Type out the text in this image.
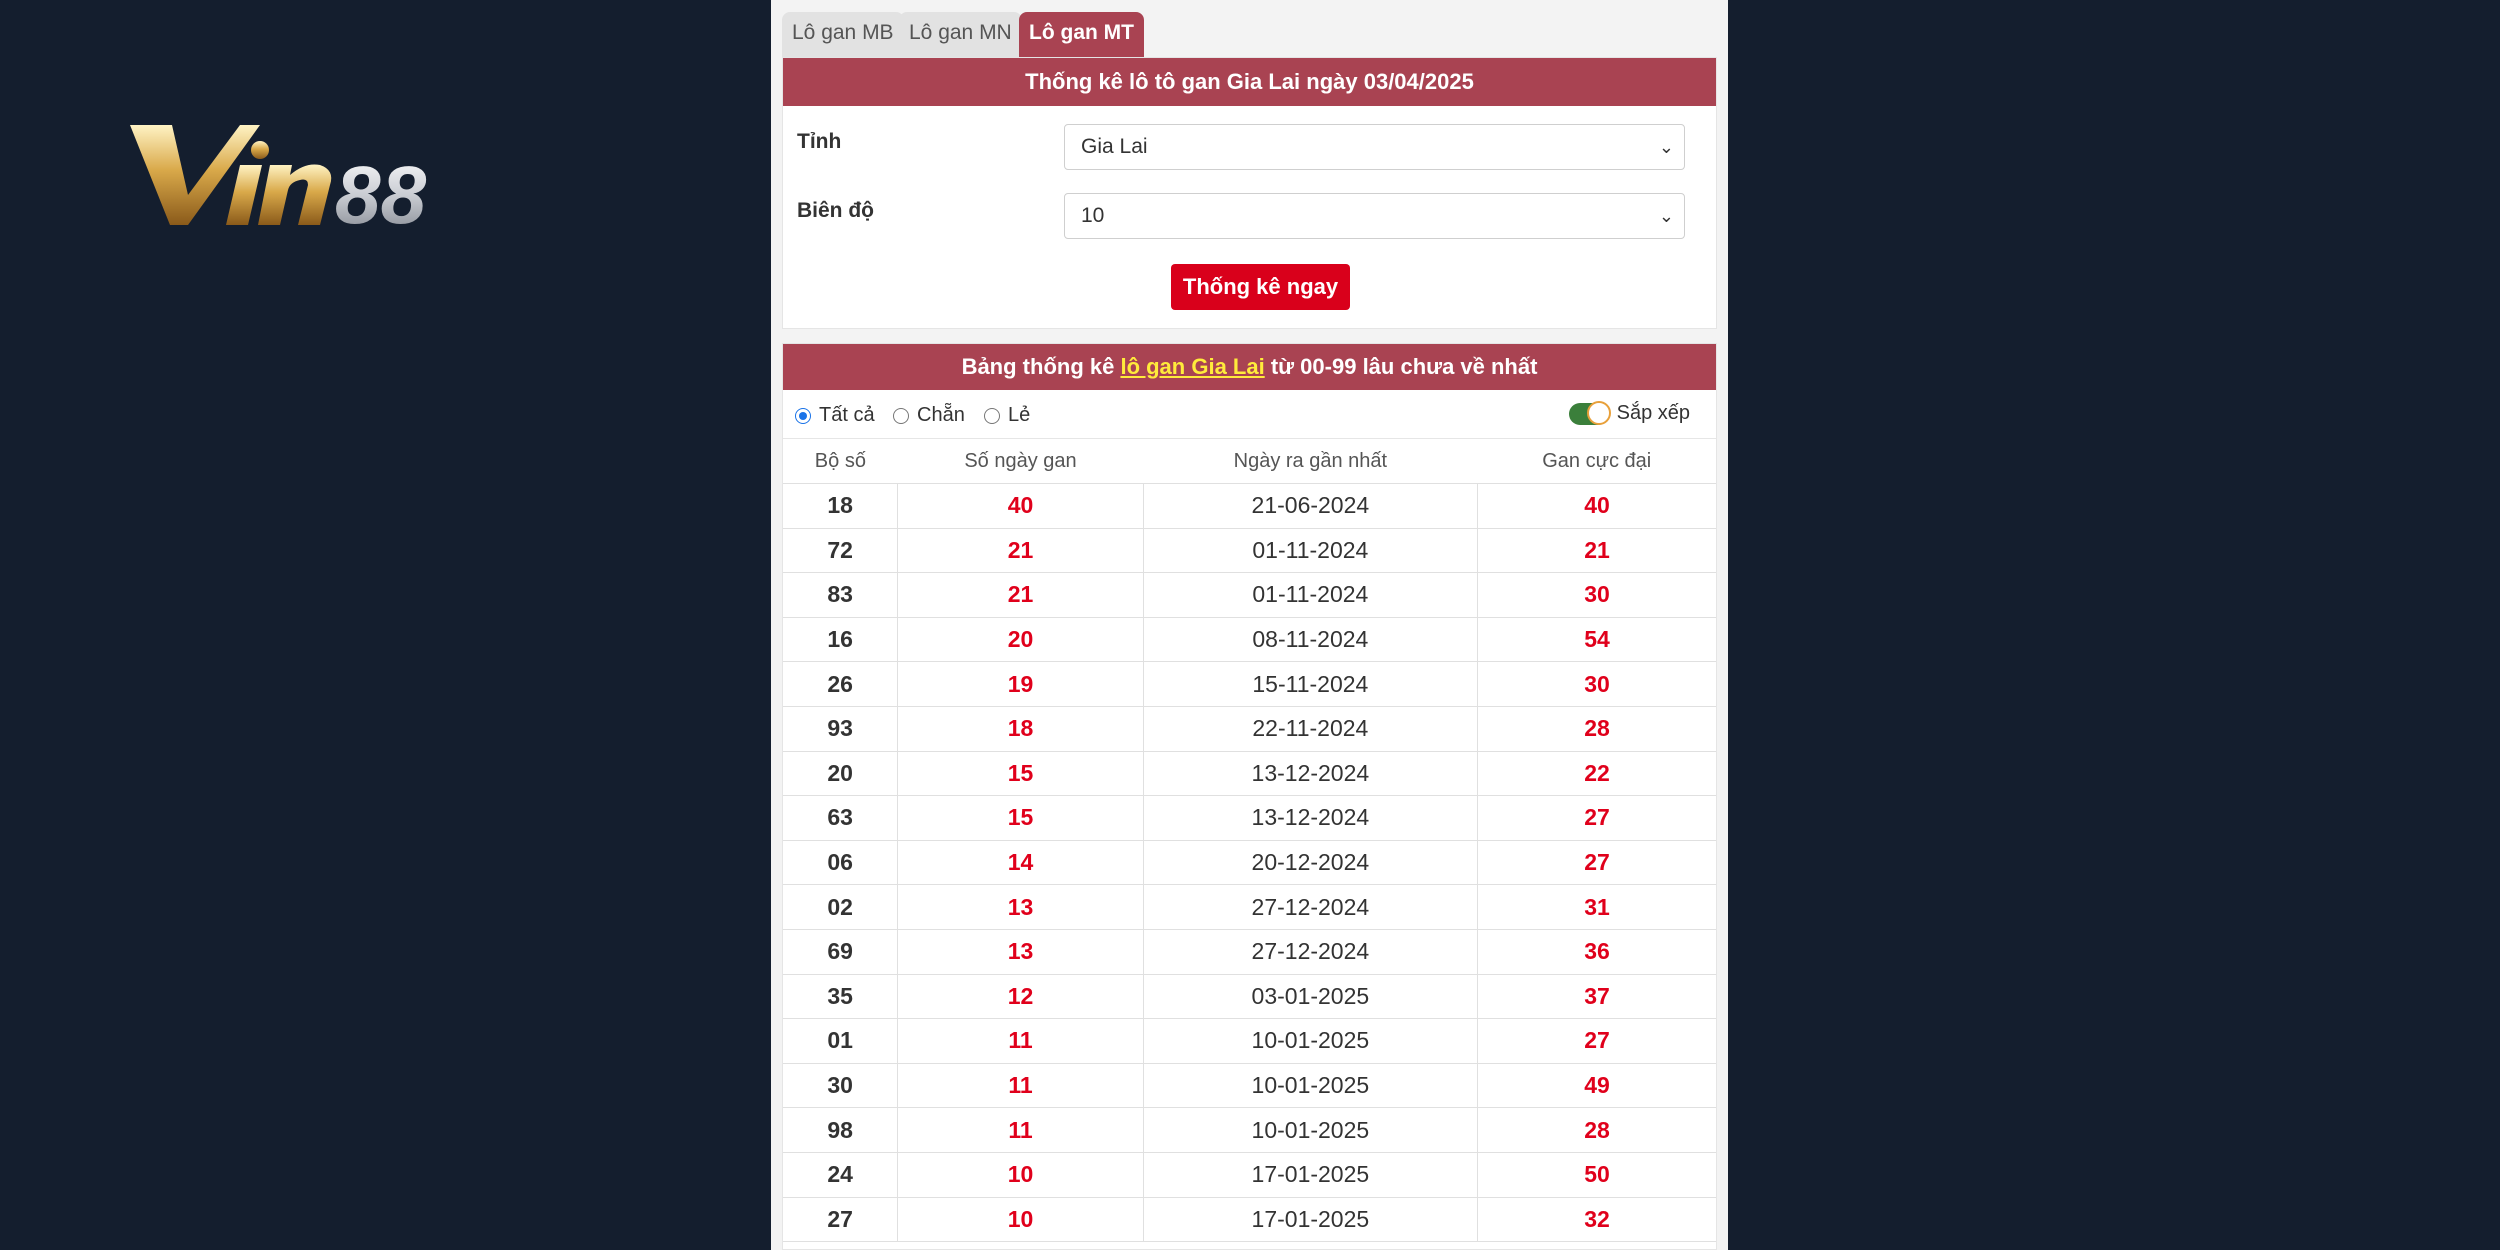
88
Lô gan MB Lô gan MN Lô gan MT
Thống kê lô tô gan Gia Lai ngày 03/04/2025
Tỉnh	Gia Lai	⌄
Biên độ	10	⌄
Thống kê ngay
Bảng thống kê lô gan Gia Lai từ 00-99 lâu chưa về nhất
Tất cả Chẵn Lẻ	Sắp xếp
Bộ số	Số ngày gan	Ngày ra gần nhất	Gan cực đại
18	40	21-06-2024	40
72	21	01-11-2024	21
83	21	01-11-2024	30
16	20	08-11-2024	54
26	19	15-11-2024	30
93	18	22-11-2024	28
20	15	13-12-2024	22
63	15	13-12-2024	27
06	14	20-12-2024	27
02	13	27-12-2024	31
69	13	27-12-2024	36
35	12	03-01-2025	37
01	11	10-01-2025	27
30	11	10-01-2025	49
98	11	10-01-2025	28
24	10	17-01-2025	50
27	10	17-01-2025	32
